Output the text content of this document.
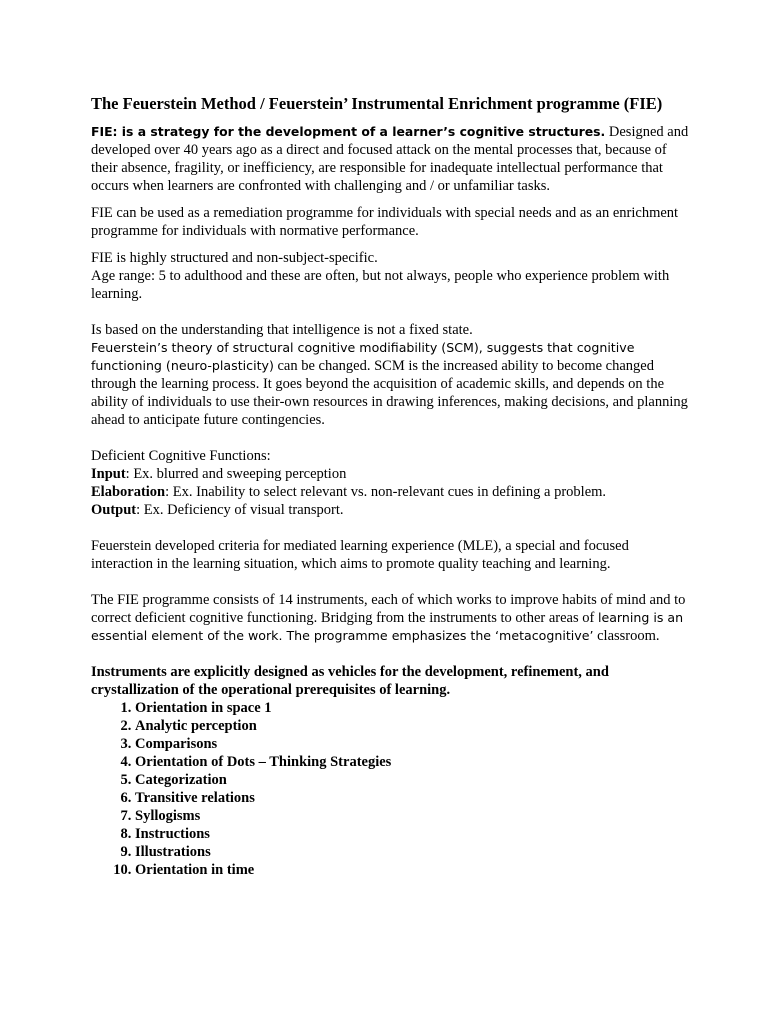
The Feuerstein Method / Feuerstein’ Instrumental Enrichment programme (FIE)

FIE: is a strategy for the development of a learner’s cognitive structures. Designed and developed over 40 years ago as a direct and focused attack on the mental processes that, because of their absence, fragility, or inefficiency, are responsible for inadequate intellectual performance that occurs when learners are confronted with challenging and / or unfamiliar tasks.

FIE can be used as a remediation programme for individuals with special needs and as an enrichment programme for individuals with normative performance.

FIE is highly structured and non-subject-specific.
Age range: 5 to adulthood and these are often, but not always, people who experience problem with learning.

Is based on the understanding that intelligence is not a fixed state.
Feuerstein’s theory of structural cognitive modifiability (SCM), suggests that cognitive functioning (neuro-plasticity) can be changed. SCM is the increased ability to become changed through the learning process. It goes beyond the acquisition of academic skills, and depends on the ability of individuals to use their-own resources in drawing inferences, making decisions, and planning ahead to anticipate future contingencies.

Deficient Cognitive Functions:
Input: Ex. blurred and sweeping perception
Elaboration: Ex. Inability to select relevant vs. non-relevant cues in defining a problem.
Output: Ex. Deficiency of visual transport.

Feuerstein developed criteria for mediated learning experience (MLE), a special and focused interaction in the learning situation, which aims to promote quality teaching and learning.

The FIE programme consists of 14 instruments, each of which works to improve habits of mind and to correct deficient cognitive functioning. Bridging from the instruments to other areas of learning is an essential element of the work. The programme emphasizes the ‘metacognitive’ classroom.

Instruments are explicitly designed as vehicles for the development, refinement, and crystallization of the operational prerequisites of learning.

1. Orientation in space 1
2. Analytic perception
3. Comparisons
4. Orientation of Dots – Thinking Strategies
5. Categorization
6. Transitive relations
7. Syllogisms
8. Instructions
9. Illustrations
10. Orientation in time
